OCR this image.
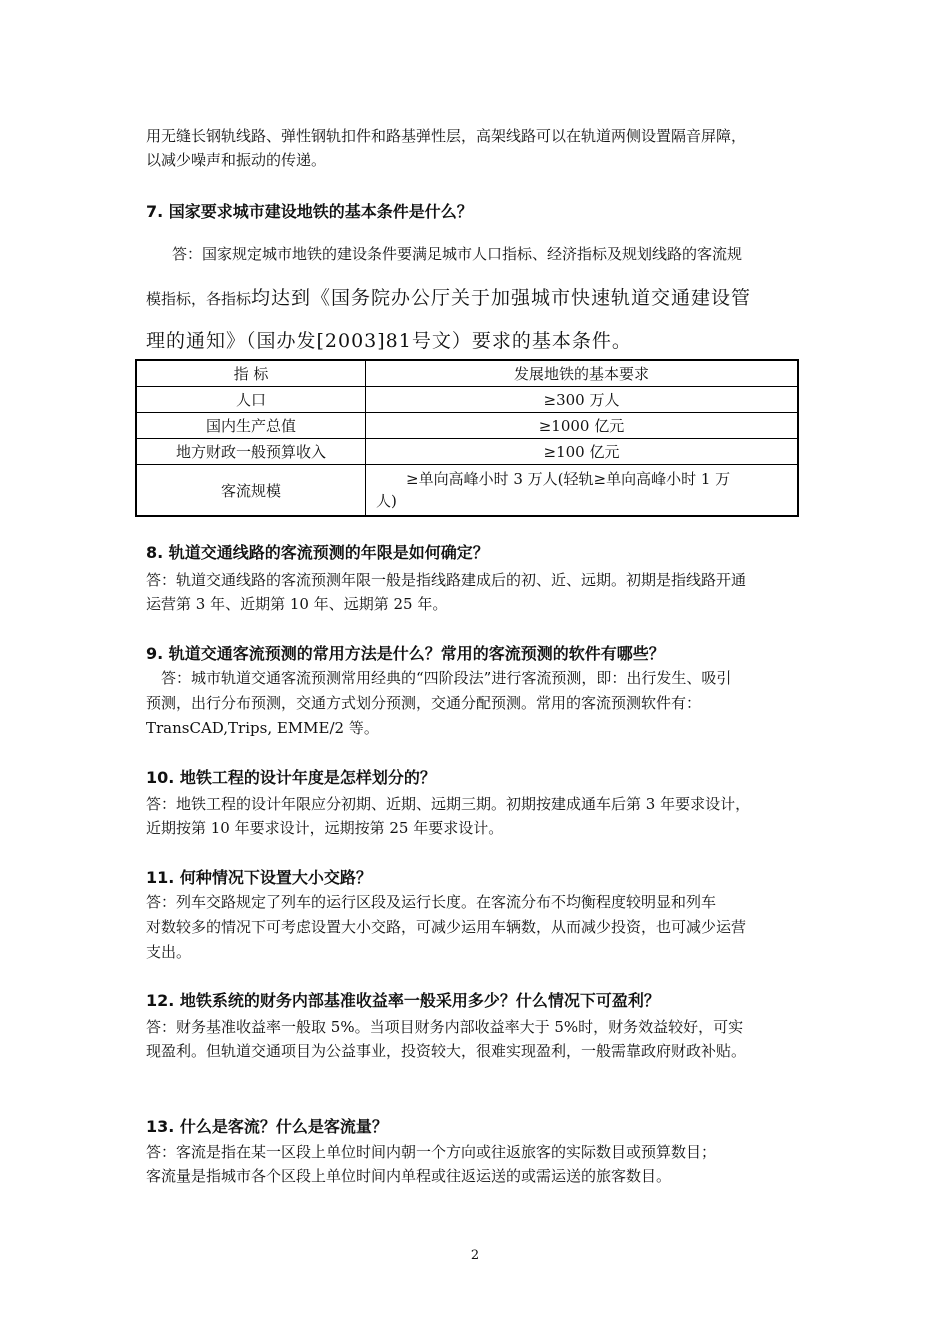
用无缝长钢轨线路、弹性钢轨扣件和路基弹性层，高架线路可以在轨道两侧设置隔音屏障，

以减少噪声和振动的传递。

7. 国家要求城市建设地铁的基本条件是什么？

答：国家规定城市地铁的建设条件要满足城市人口指标、经济指标及规划线路的客流规

模指标，各指标均达到《国务院办公厅关于加强城市快速轨道交通建设管

理的通知》（国办发[2003]81号文）要求的基本条件。

指 标	发展地铁的基本要求
人口	≥300 万人
国内生产总值	≥1000 亿元
地方财政一般预算收入	≥100 亿元
客流规模	≥单向高峰小时 3 万人(轻轨≥单向高峰小时 1 万
人)
8. 轨道交通线路的客流预测的年限是如何确定？

答：轨道交通线路的客流预测年限一般是指线路建成后的初、近、远期。初期是指线路开通

运营第 3 年、近期第 10 年、远期第 25 年。

9. 轨道交通客流预测的常用方法是什么？常用的客流预测的软件有哪些？

答：城市轨道交通客流预测常用经典的“四阶段法”进行客流预测，即：出行发生、吸引

预测，出行分布预测，交通方式划分预测，交通分配预测。常用的客流预测软件有：

TransCAD,Trips, EMME/2 等。

10. 地铁工程的设计年度是怎样划分的？

答：地铁工程的设计年限应分初期、近期、远期三期。初期按建成通车后第 3 年要求设计，

近期按第 10 年要求设计，远期按第 25 年要求设计。

11. 何种情况下设置大小交路？

答：列车交路规定了列车的运行区段及运行长度。在客流分布不均衡程度较明显和列车

对数较多的情况下可考虑设置大小交路，可减少运用车辆数，从而减少投资，也可减少运营

支出。

12. 地铁系统的财务内部基准收益率一般采用多少？什么情况下可盈利？

答：财务基准收益率一般取 5%。当项目财务内部收益率大于 5%时，财务效益较好，可实

现盈利。但轨道交通项目为公益事业，投资较大，很难实现盈利，一般需靠政府财政补贴。

13. 什么是客流？什么是客流量？

答：客流是指在某一区段上单位时间内朝一个方向或往返旅客的实际数目或预算数目；

客流量是指城市各个区段上单位时间内单程或往返运送的或需运送的旅客数目。

2
